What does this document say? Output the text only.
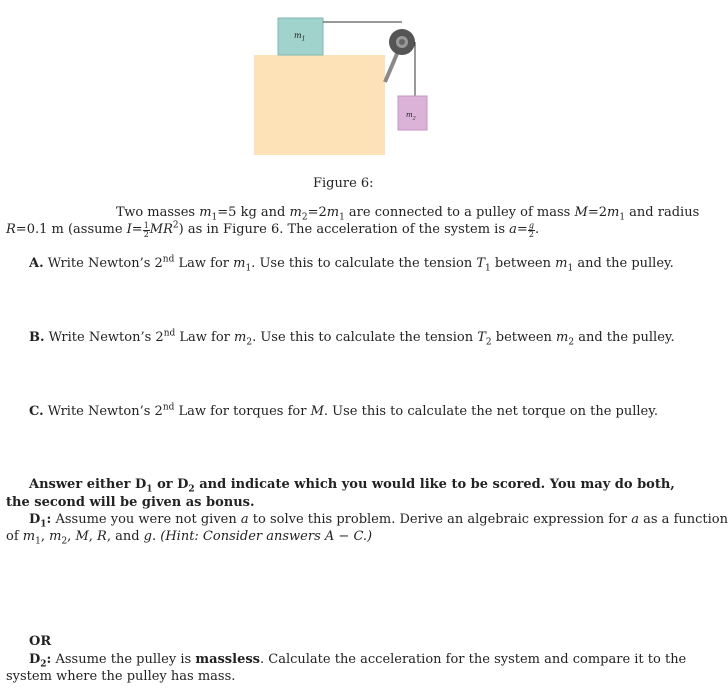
$m_1$
$m_2$
Figure 6:
Two masses $m_1=5$ kg and $m_2=2m_1$ are connected to a pulley of mass $M=2m_1$ and radius
R=0.1 m (assume $I= \frac{1}{2} MR^2$) as in Figure 6. The acceleration of the system is $a= \frac{g}{2}$ .
A. Write Newton’s 2nd Law for $m_1$. Use this to calculate the tension $T_1$ between $m_1$ and the pulley.
B. Write Newton’s 2nd Law for $m_2$. Use this to calculate the tension $T_2$ between $m_2$ and the pulley.
C. Write Newton’s 2nd Law for torques for M. Use this to calculate the net torque on the pulley.
Answer either $D_1$ or $D_2$ and indicate which you would like to be scored. You may do both,
the second will be given as bonus.
$D_1$: Assume you were not given a to solve this problem. Derive an algebraic expression for a as a function
of $m_1$, $m_2$, M, R, and g. (Hint: Consider answers A − C.)
OR
$D_2$: Assume the pulley is massless. Calculate the acceleration for the system and compare it to the
system where the pulley has mass.
